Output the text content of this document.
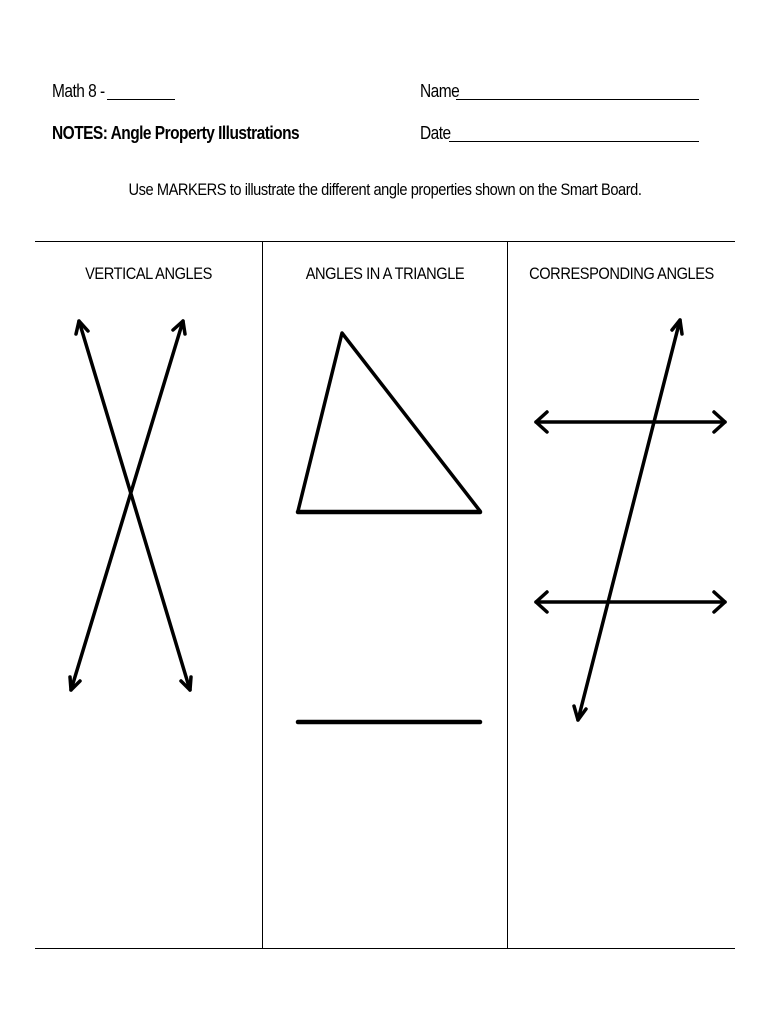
Math 8 -	Name
NOTES: Angle Property Illustrations	Date
Use MARKERS to illustrate the different angle properties shown on the Smart Board.
VERTICAL ANGLES	ANGLES IN A TRIANGLE	CORRESPONDING ANGLES
